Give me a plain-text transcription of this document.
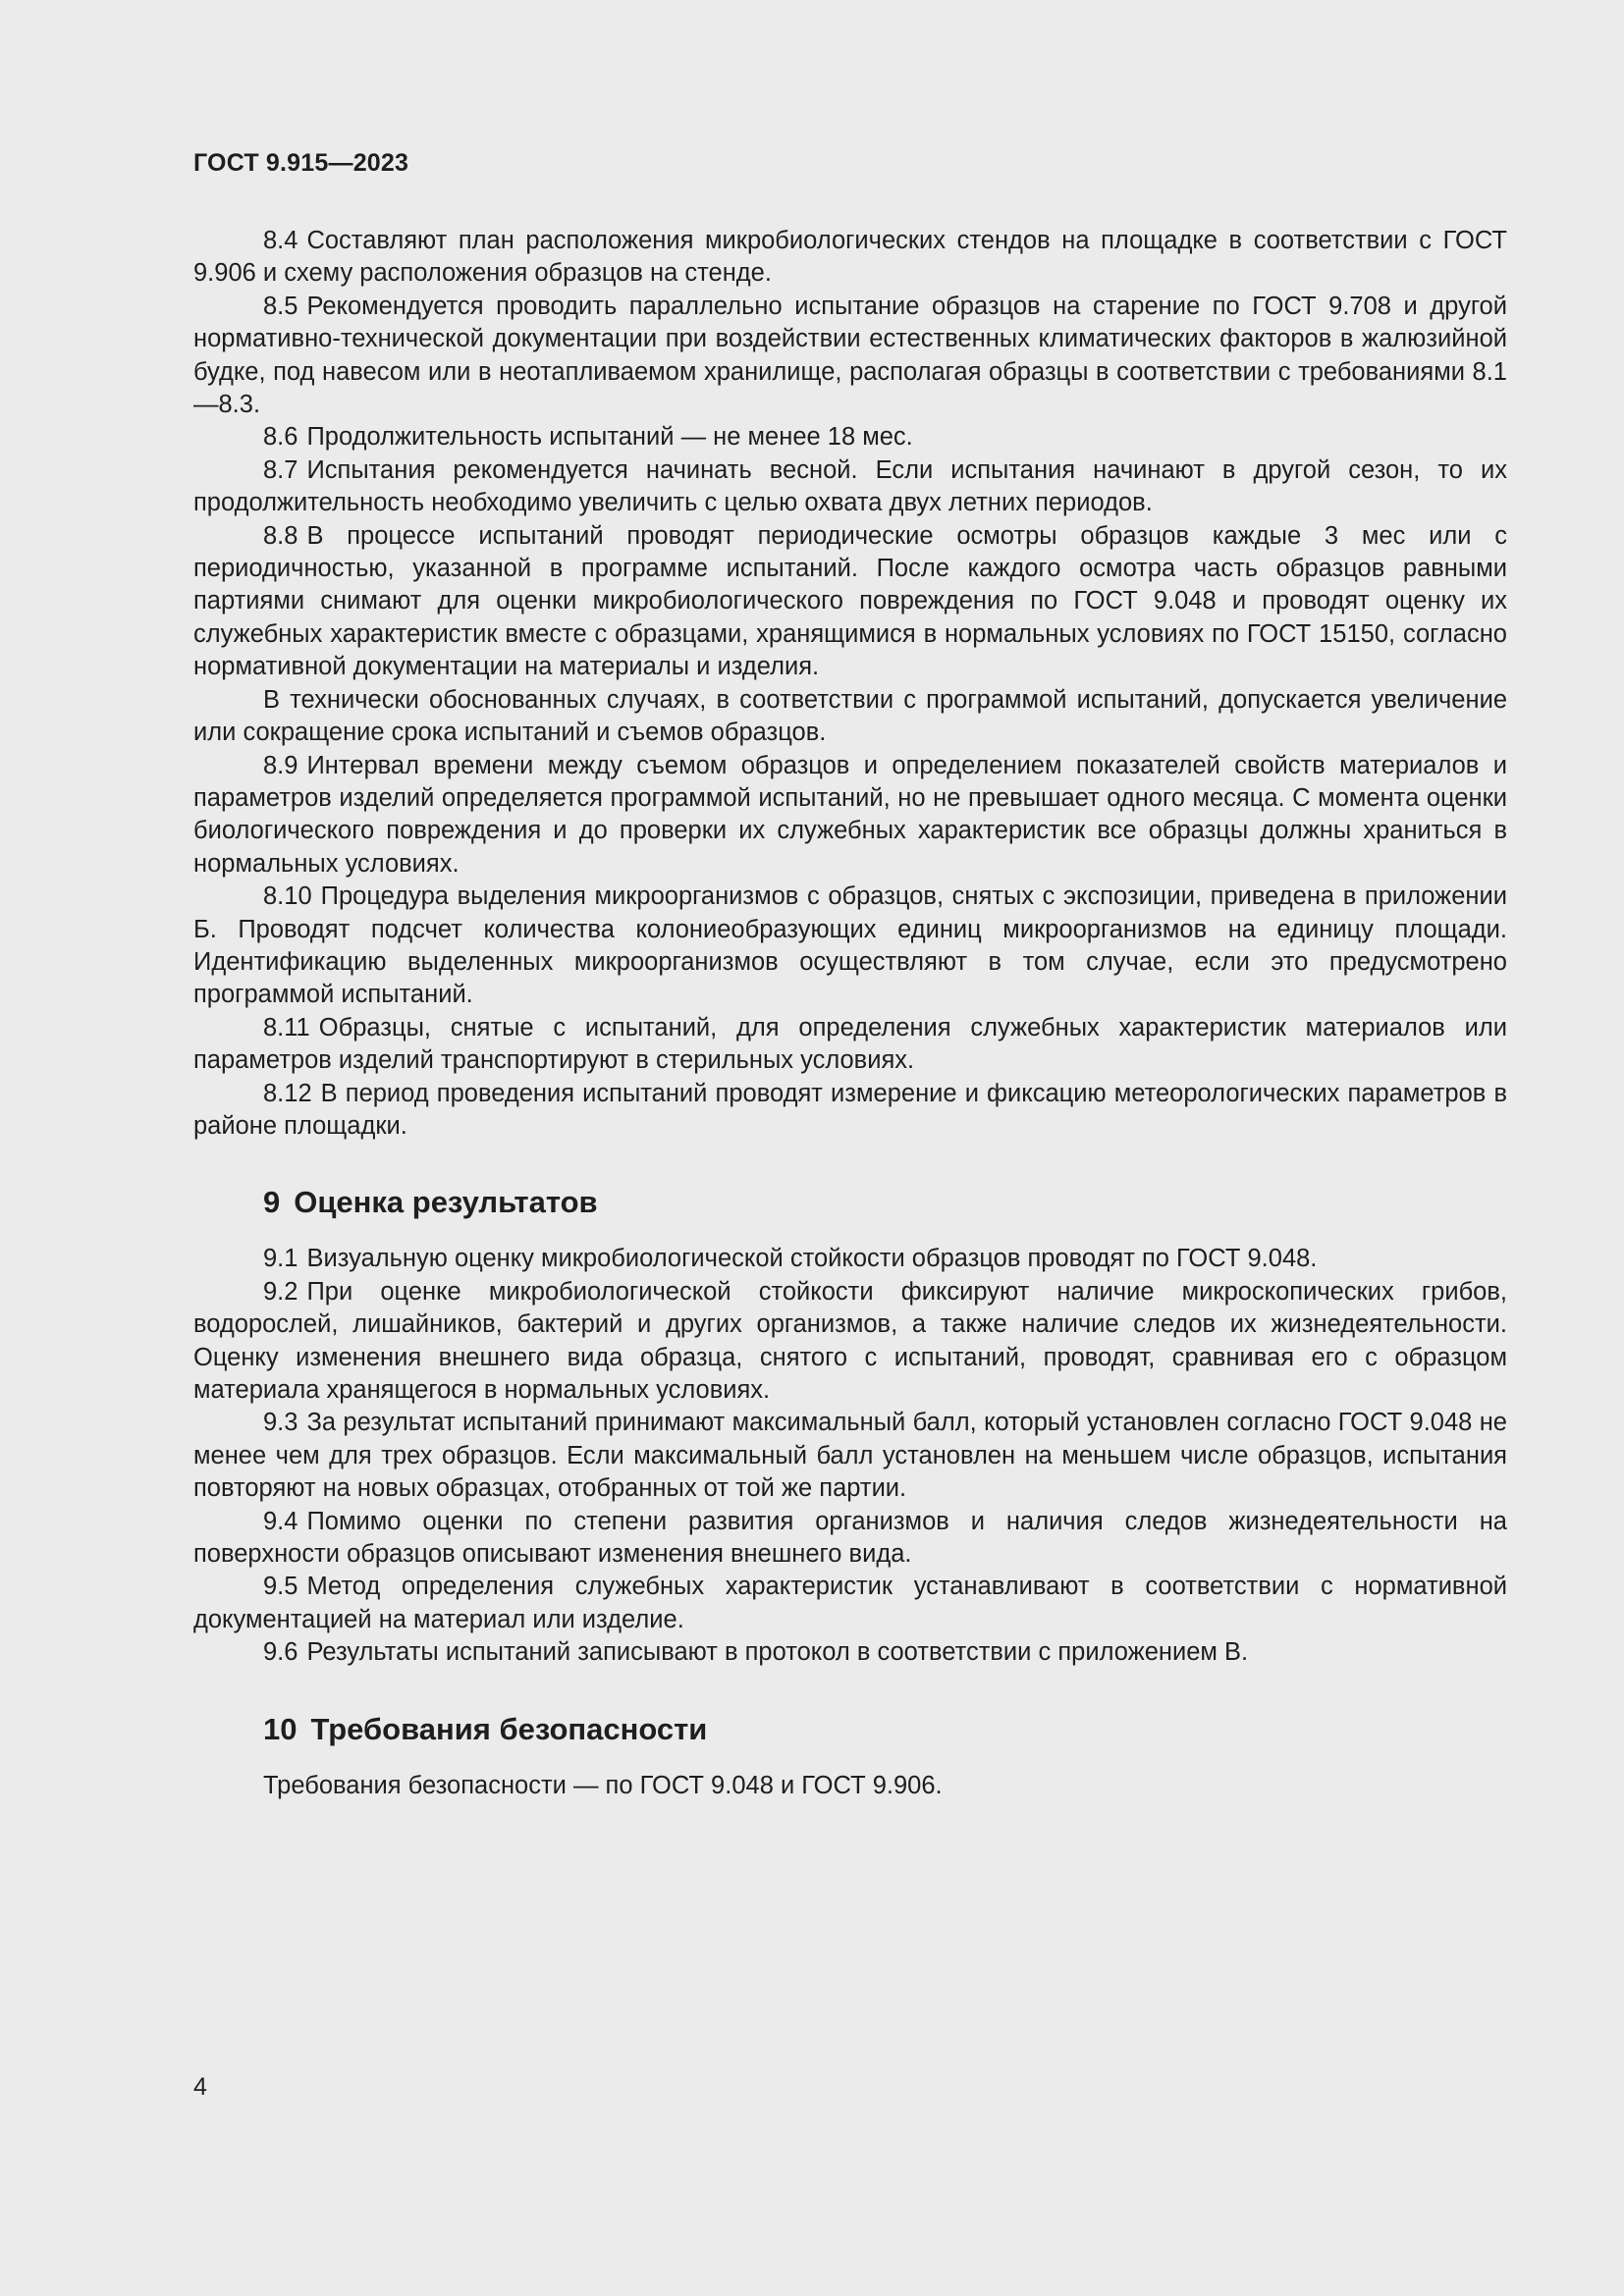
ГОСТ 9.915—2023

8.4 Составляют план расположения микробиологических стендов на площадке в соответствии с ГОСТ 9.906 и схему расположения образцов на стенде.

8.5 Рекомендуется проводить параллельно испытание образцов на старение по ГОСТ 9.708 и другой нормативно-технической документации при воздействии естественных климатических факторов в жалюзийной будке, под навесом или в неотапливаемом хранилище, располагая образцы в соответствии с требованиями 8.1—8.3.

8.6 Продолжительность испытаний — не менее 18 мес.

8.7 Испытания рекомендуется начинать весной. Если испытания начинают в другой сезон, то их продолжительность необходимо увеличить с целью охвата двух летних периодов.

8.8 В процессе испытаний проводят периодические осмотры образцов каждые 3 мес или с периодичностью, указанной в программе испытаний. После каждого осмотра часть образцов равными партиями снимают для оценки микробиологического повреждения по ГОСТ 9.048 и проводят оценку их служебных характеристик вместе с образцами, хранящимися в нормальных условиях по ГОСТ 15150, согласно нормативной документации на материалы и изделия.

В технически обоснованных случаях, в соответствии с программой испытаний, допускается увеличение или сокращение срока испытаний и съемов образцов.

8.9 Интервал времени между съемом образцов и определением показателей свойств материалов и параметров изделий определяется программой испытаний, но не превышает одного месяца. С момента оценки биологического повреждения и до проверки их служебных характеристик все образцы должны храниться в нормальных условиях.

8.10 Процедура выделения микроорганизмов с образцов, снятых с экспозиции, приведена в приложении Б. Проводят подсчет количества колониеобразующих единиц микроорганизмов на единицу площади. Идентификацию выделенных микроорганизмов осуществляют в том случае, если это предусмотрено программой испытаний.

8.11 Образцы, снятые с испытаний, для определения служебных характеристик материалов или параметров изделий транспортируют в стерильных условиях.

8.12 В период проведения испытаний проводят измерение и фиксацию метеорологических параметров в районе площадки.

9 Оценка результатов

9.1 Визуальную оценку микробиологической стойкости образцов проводят по ГОСТ 9.048.

9.2 При оценке микробиологической стойкости фиксируют наличие микроскопических грибов, водорослей, лишайников, бактерий и других организмов, а также наличие следов их жизнедеятельности. Оценку изменения внешнего вида образца, снятого с испытаний, проводят, сравнивая его с образцом материала хранящегося в нормальных условиях.

9.3 За результат испытаний принимают максимальный балл, который установлен согласно ГОСТ 9.048 не менее чем для трех образцов. Если максимальный балл установлен на меньшем числе образцов, испытания повторяют на новых образцах, отобранных от той же партии.

9.4 Помимо оценки по степени развития организмов и наличия следов жизнедеятельности на поверхности образцов описывают изменения внешнего вида.

9.5 Метод определения служебных характеристик устанавливают в соответствии с нормативной документацией на материал или изделие.

9.6 Результаты испытаний записывают в протокол в соответствии с приложением В.

10 Требования безопасности

Требования безопасности — по ГОСТ 9.048 и ГОСТ 9.906.

4
